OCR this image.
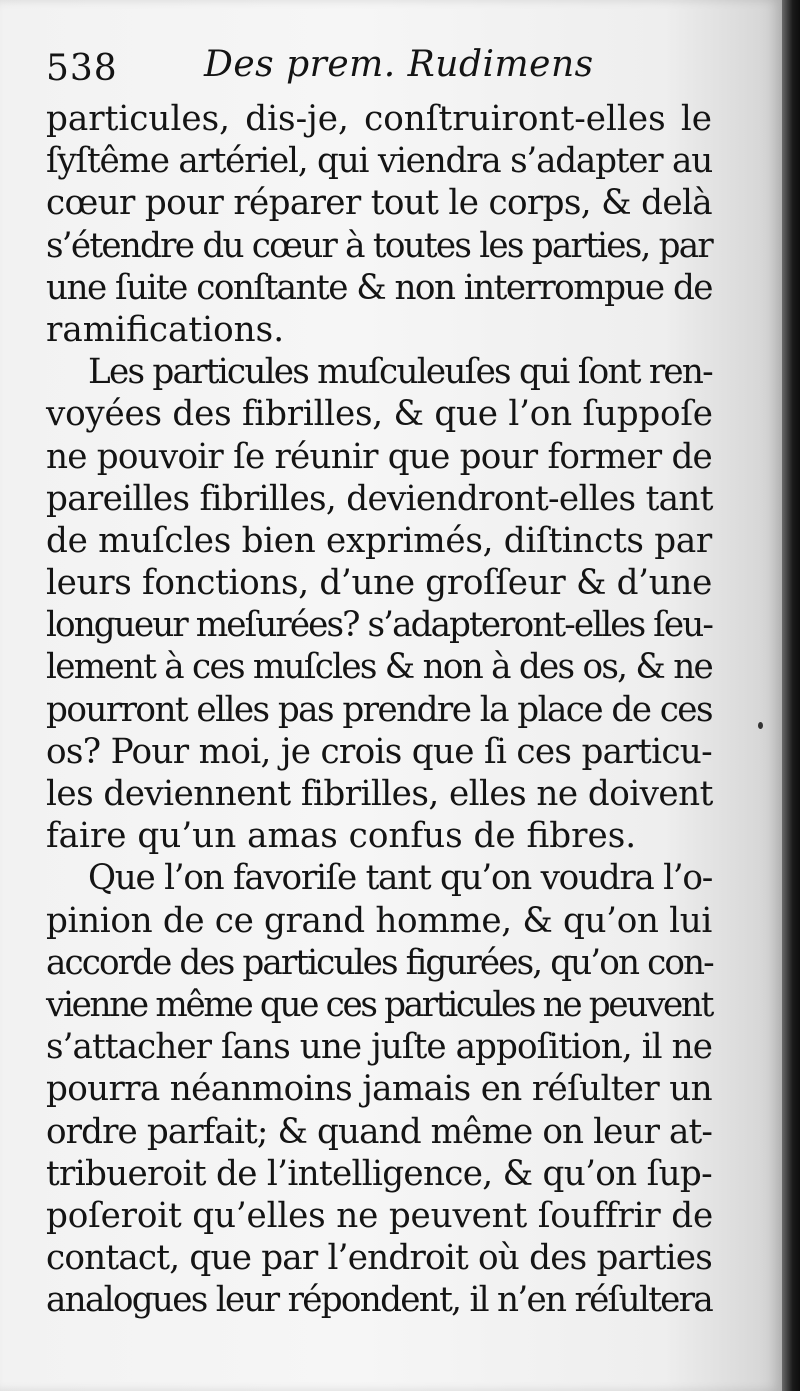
538 Des prem. Rudimens
particules, dis-je, conſtruiront-elles le
ſyſtême artériel, qui viendra s’adapter au
cœur pour réparer tout le corps, & delà
s’étendre du cœur à toutes les parties, par
une ſuite conſtante & non interrompue de
ramifications.
Les particules muſculeuſes qui ſont ren-
voyées des fibrilles, & que l’on ſuppoſe
ne pouvoir ſe réunir que pour former de
pareilles fibrilles, deviendront-elles tant
de muſcles bien exprimés, diſtincts par
leurs fonctions, d’une groſſeur & d’une
longueur meſurées? s’adapteront-elles ſeu-
lement à ces muſcles & non à des os, & ne
pourront elles pas prendre la place de ces
os? Pour moi, je crois que ſi ces particu-
les deviennent fibrilles, elles ne doivent
faire qu’un amas confus de fibres.
Que l’on favoriſe tant qu’on voudra l’o-
pinion de ce grand homme, & qu’on lui
accorde des particules figurées, qu’on con-
vienne même que ces particules ne peuvent
s’attacher ſans une juſte appoſition, il ne
pourra néanmoins jamais en réſulter un
ordre parfait; & quand même on leur at-
tribueroit de l’intelligence, & qu’on ſup-
poſeroit qu’elles ne peuvent ſouffrir de
contact, que par l’endroit où des parties
analogues leur répondent, il n’en réſultera
